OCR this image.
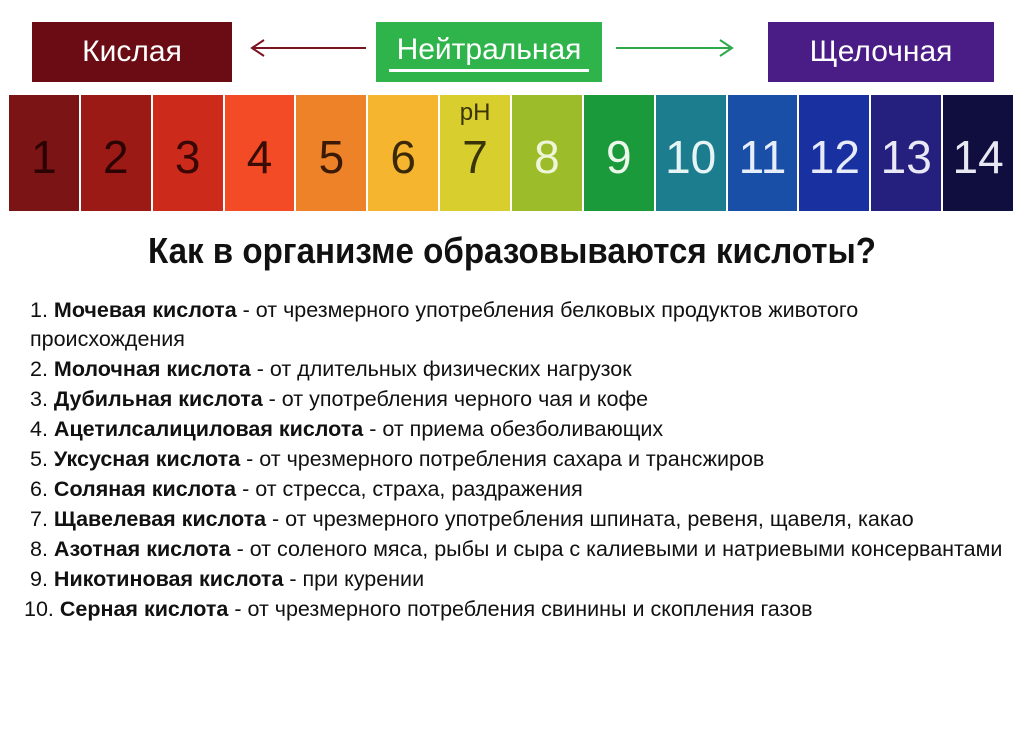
Кислая	Нейтральная	Щелочная
1 2 3 4 5 6
pH
7 8 9 10 11 12 13 14
Как в организме образовываются кислоты?
1. Мочевая кислота - от чрезмерного употребления белковых продуктов животого происхождения
2. Молочная кислота - от длительных физических нагрузок
3. Дубильная кислота - от употребления черного чая и кофе
4. Ацетилсалициловая кислота - от приема обезболивающих
5. Уксусная кислота - от чрезмерного потребления сахара и трансжиров
6. Соляная кислота - от стресса, страха, раздражения
7. Щавелевая кислота - от чрезмерного употребления шпината, ревеня, щавеля, какао
8. Азотная кислота - от соленого мяса, рыбы и сыра с калиевыми и натриевыми консервантами
9. Никотиновая кислота - при курении
10. Серная кислота - от чрезмерного потребления свинины и скопления газов
